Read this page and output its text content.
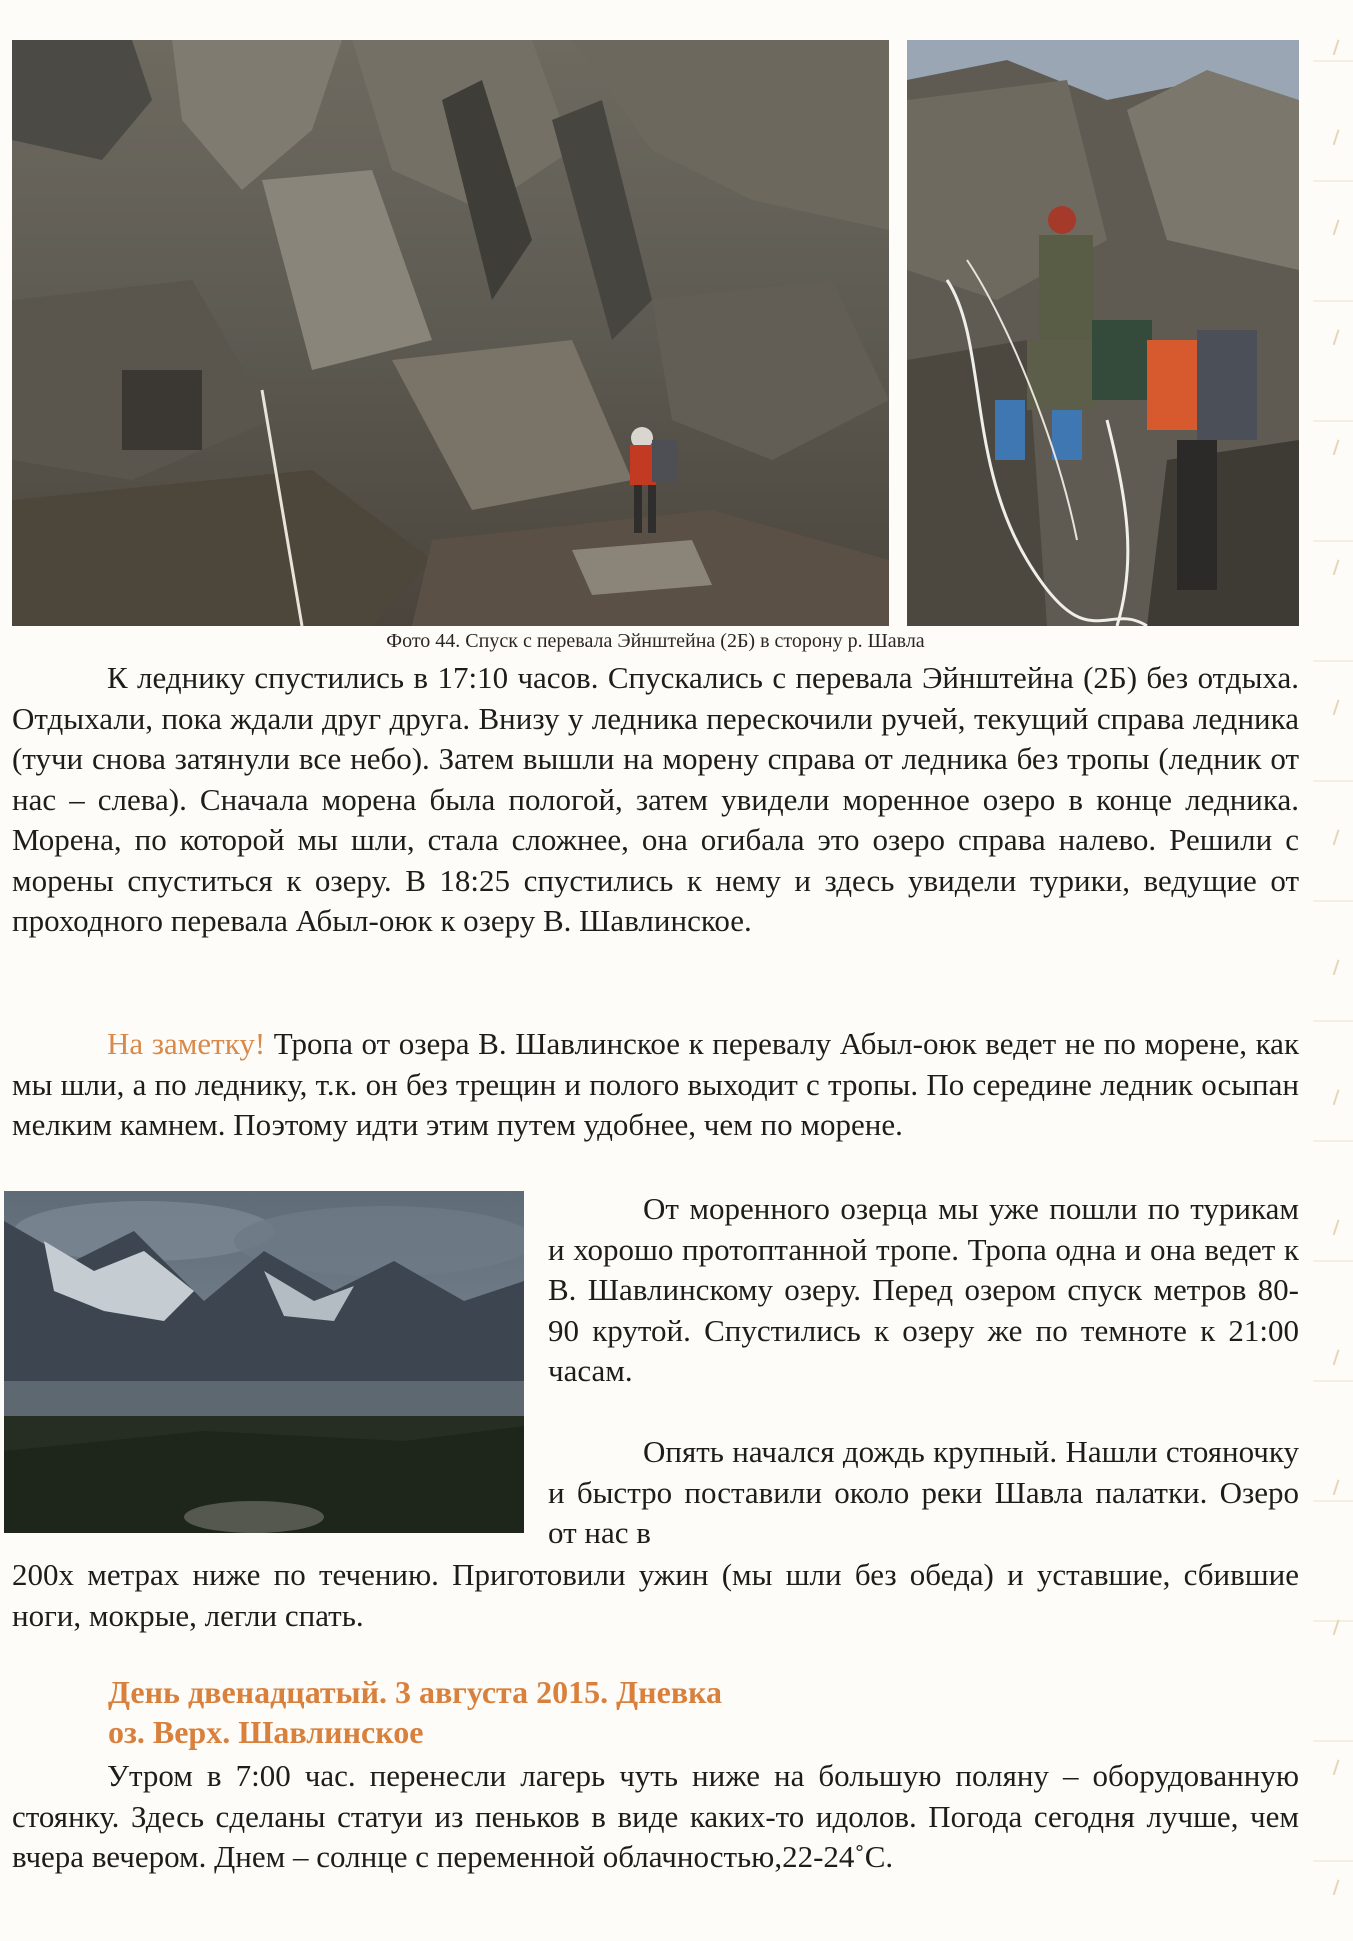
Фото 44. Спуск с перевала Эйнштейна (2Б) в сторону р. Шавла

К леднику спустились в 17:10 часов. Спускались с перевала Эйнштейна (2Б) без отдыха. Отдыхали, пока ждали друг друга. Внизу у ледника перескочили ручей, текущий справа ледника (тучи снова затянули все небо). Затем вышли на морену справа от ледника без тропы (ледник от нас – слева). Сначала морена была пологой, затем увидели моренное озеро в конце ледника. Морена, по которой мы шли, стала сложнее, она огибала это озеро справа налево. Решили с морены спуститься к озеру. В 18:25 спустились к нему и здесь увидели турики, ведущие от проходного перевала Абыл-оюк к озеру В. Шавлинское.

На заметку! Тропа от озера В. Шавлинское к перевалу Абыл-оюк ведет не по морене, как мы шли, а по леднику, т.к. он без трещин и полого выходит с тропы. По середине ледник осыпан мелким камнем. Поэтому идти этим путем удобнее, чем по морене.

От моренного озерца мы уже пошли по турикам и хорошо протоптанной тропе. Тропа одна и она ведет к В. Шавлинскому озеру. Перед озером спуск метров 80-90 крутой. Спустились к озеру же по темноте к 21:00 часам.

Опять начался дождь крупный. Нашли стояночку и быстро поставили около реки Шавла палатки. Озеро от нас в

200х метрах ниже по течению. Приготовили ужин (мы шли без обеда) и уставшие, сбившие ноги, мокрые, легли спать.

День двенадцатый. 3 августа 2015. Дневка
оз. Верх. Шавлинское

Утром в 7:00 час. перенесли лагерь чуть ниже на большую поляну – оборудованную стоянку. Здесь сделаны статуи из пеньков в виде каких-то идолов. Погода сегодня лучше, чем вчера вечером. Днем – солнце с переменной облачностью,22-24˚С.
